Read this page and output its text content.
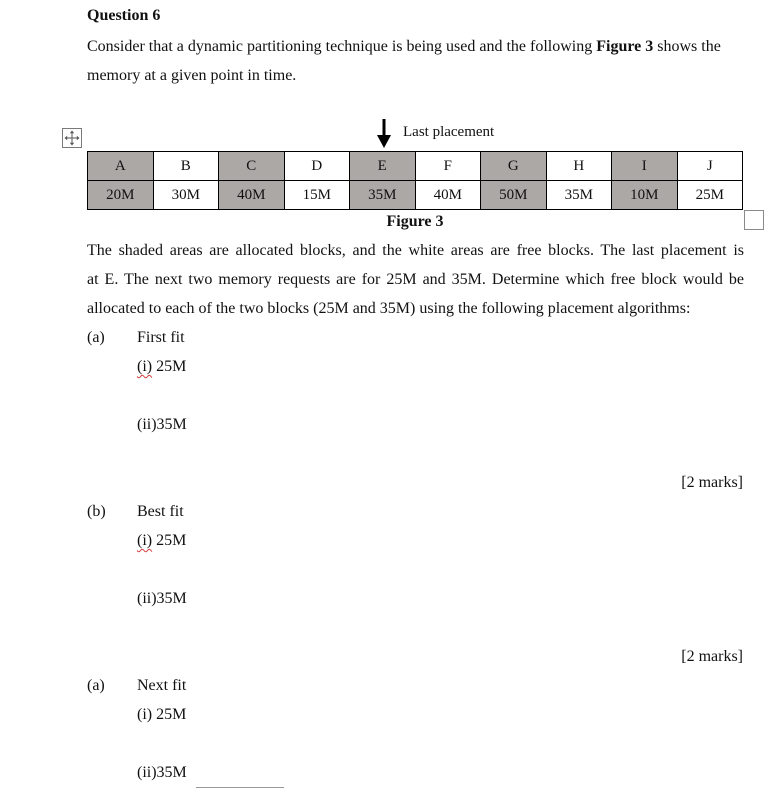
Question 6
Consider that a dynamic partitioning technique is being used and the following Figure 3 shows the memory at a given point in time.
Last placement
A	B	C	D	E	F	G	H	I	J
20M	30M	40M	15M	35M	40M	50M	35M	10M	25M
Figure 3
The shaded areas are allocated blocks, and the white areas are free blocks. The last placement is
at E. The next two memory requests are for 25M and 35M. Determine which free block would be
allocated to each of the two blocks (25M and 35M) using the following placement algorithms:
(a) First fit
(i) 25M
(ii)35M
[2 marks]
(b) Best fit
(i) 25M
(ii)35M
[2 marks]
(a) Next fit
(i) 25M
(ii)35M
